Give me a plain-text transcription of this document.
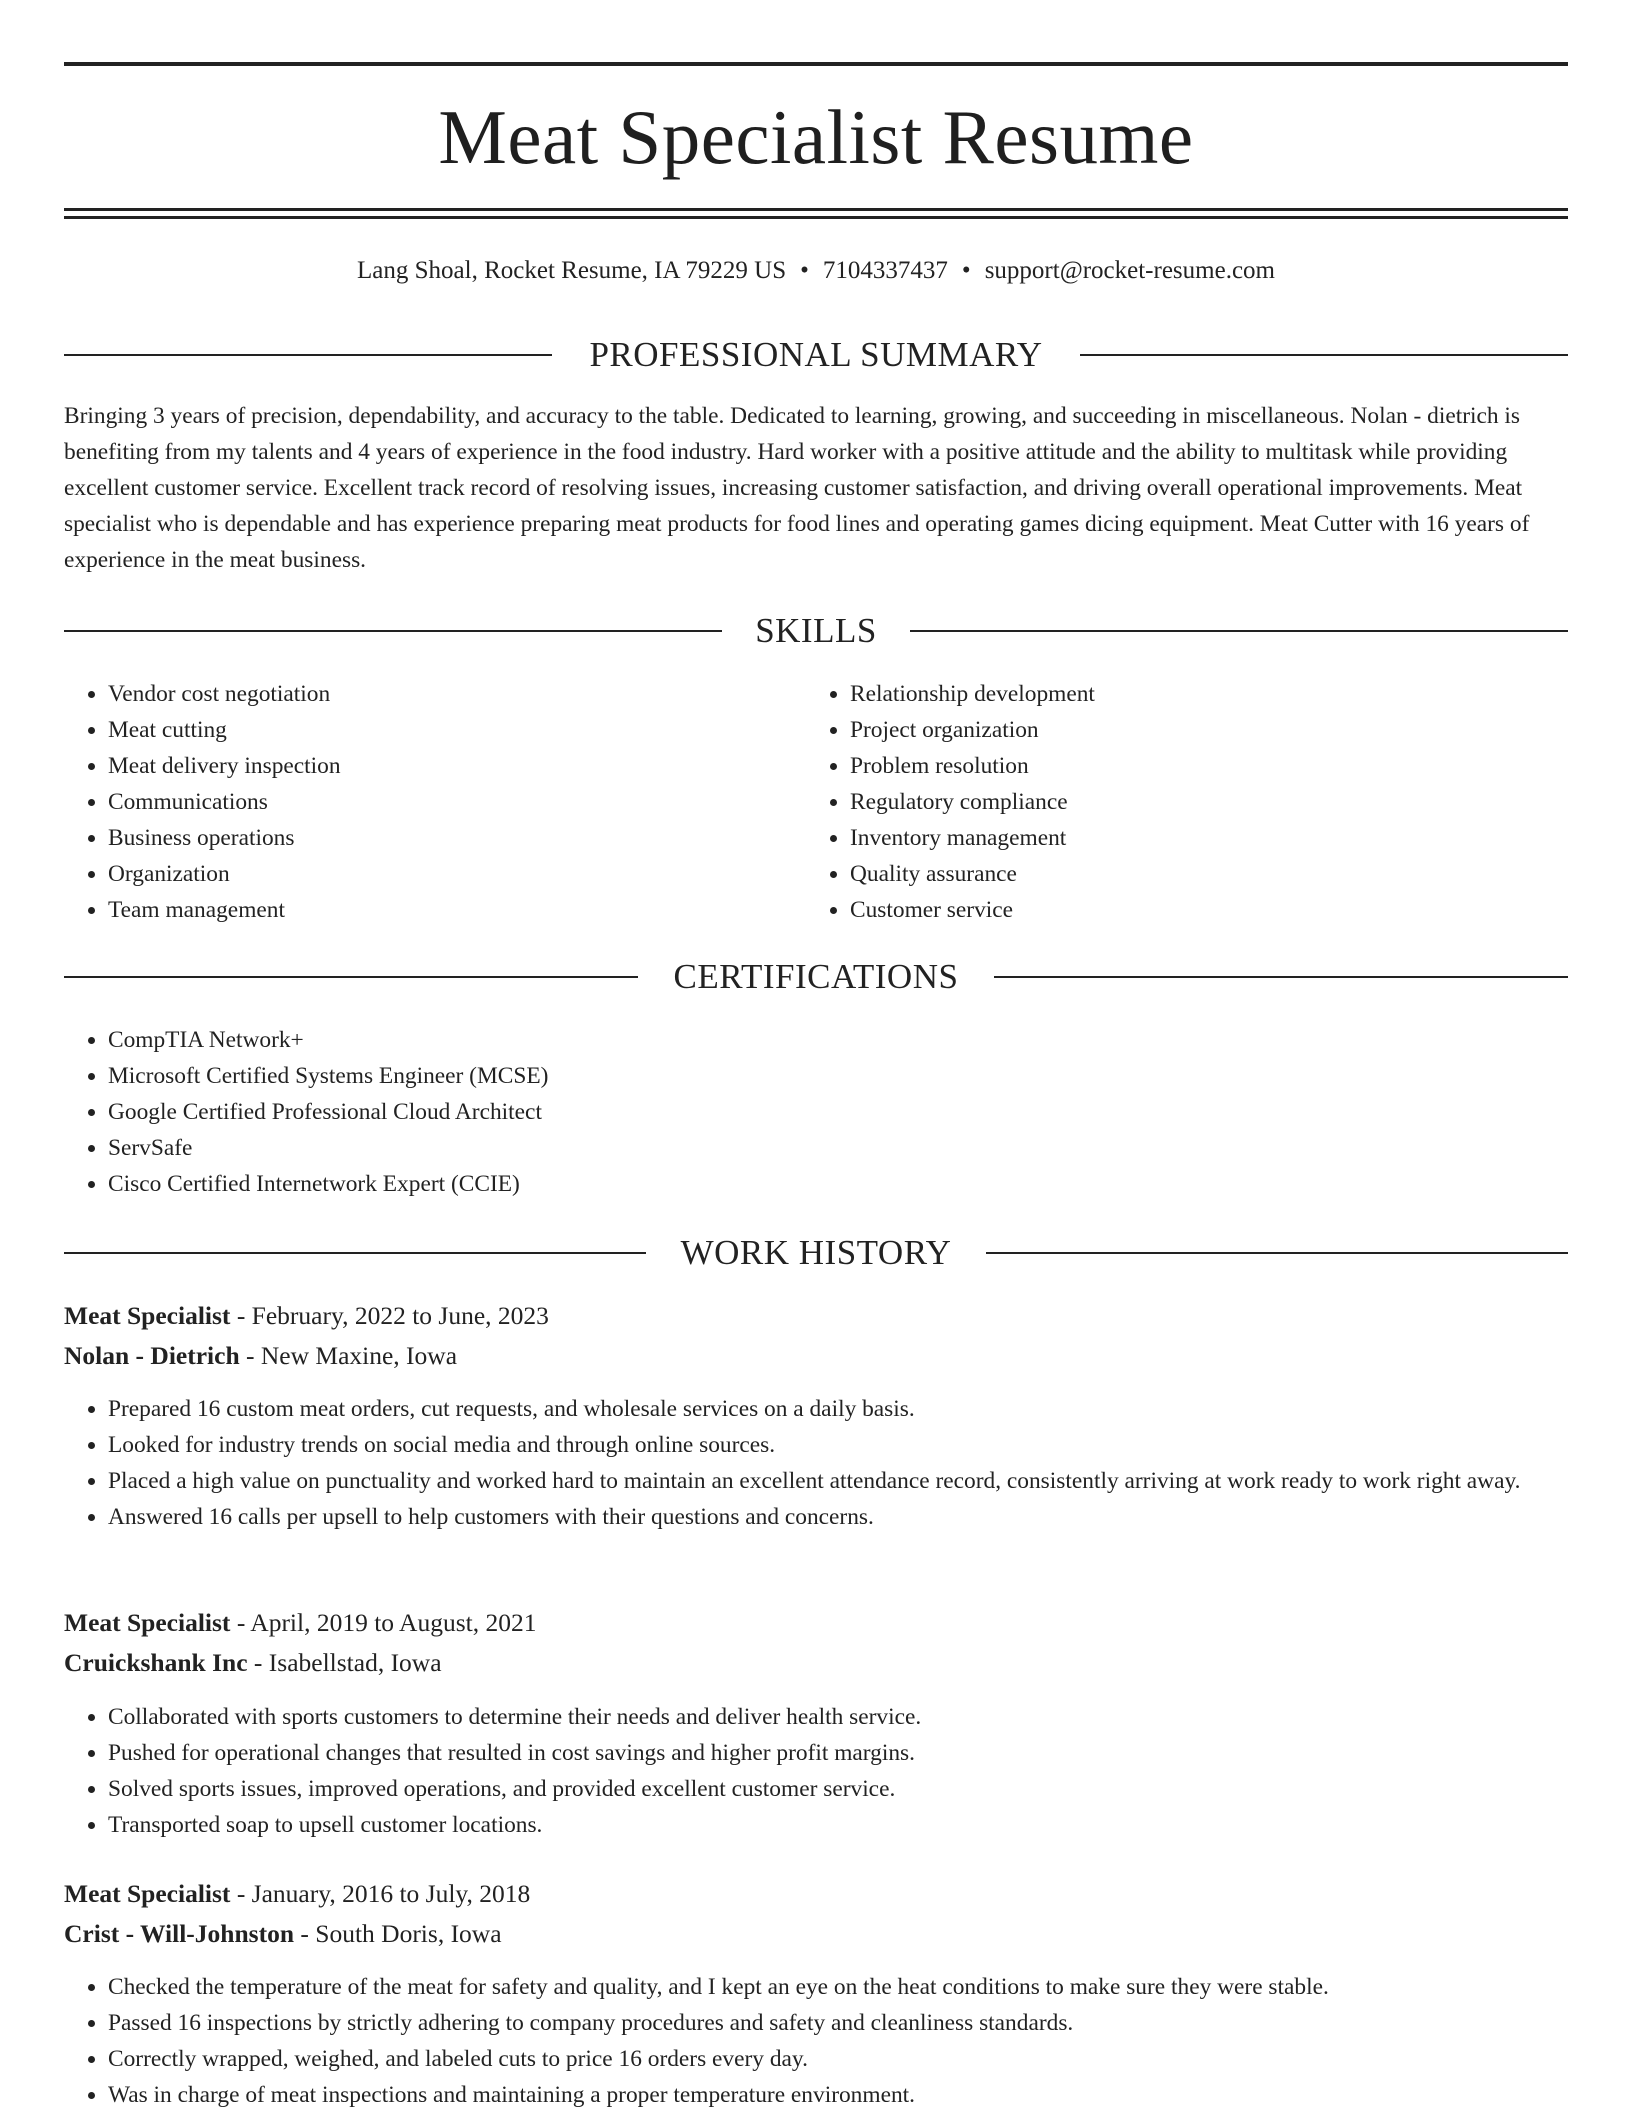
Meat Specialist Resume
Lang Shoal, Rocket Resume, IA 79229 US • 7104337437 • support@rocket-resume.com
PROFESSIONAL SUMMARY

Bringing 3 years of precision, dependability, and accuracy to the table. Dedicated to learning, growing, and succeeding in miscellaneous. Nolan - dietrich is benefiting from my talents and 4 years of experience in the food industry. Hard worker with a positive attitude and the ability to multitask while providing excellent customer service. Excellent track record of resolving issues, increasing customer satisfaction, and driving overall operational improvements. Meat specialist who is dependable and has experience preparing meat products for food lines and operating games dicing equipment. Meat Cutter with 16 years of experience in the meat business.

SKILLS
• Vendor cost negotiation
• Meat cutting
• Meat delivery inspection
• Communications
• Business operations
• Organization
• Team management
• Relationship development
• Project organization
• Problem resolution
• Regulatory compliance
• Inventory management
• Quality assurance
• Customer service
CERTIFICATIONS
• CompTIA Network+
• Microsoft Certified Systems Engineer (MCSE)
• Google Certified Professional Cloud Architect
• ServSafe
• Cisco Certified Internetwork Expert (CCIE)
WORK HISTORY
Meat Specialist - February, 2022 to June, 2023
Nolan - Dietrich - New Maxine, Iowa
• Prepared 16 custom meat orders, cut requests, and wholesale services on a daily basis.
• Looked for industry trends on social media and through online sources.
• Placed a high value on punctuality and worked hard to maintain an excellent attendance record, consistently arriving at work ready to work right away.
• Answered 16 calls per upsell to help customers with their questions and concerns.
Meat Specialist - April, 2019 to August, 2021
Cruickshank Inc - Isabellstad, Iowa
• Collaborated with sports customers to determine their needs and deliver health service.
• Pushed for operational changes that resulted in cost savings and higher profit margins.
• Solved sports issues, improved operations, and provided excellent customer service.
• Transported soap to upsell customer locations.
Meat Specialist - January, 2016 to July, 2018
Crist - Will-Johnston - South Doris, Iowa
• Checked the temperature of the meat for safety and quality, and I kept an eye on the heat conditions to make sure they were stable.
• Passed 16 inspections by strictly adhering to company procedures and safety and cleanliness standards.
• Correctly wrapped, weighed, and labeled cuts to price 16 orders every day.
• Was in charge of meat inspections and maintaining a proper temperature environment.
